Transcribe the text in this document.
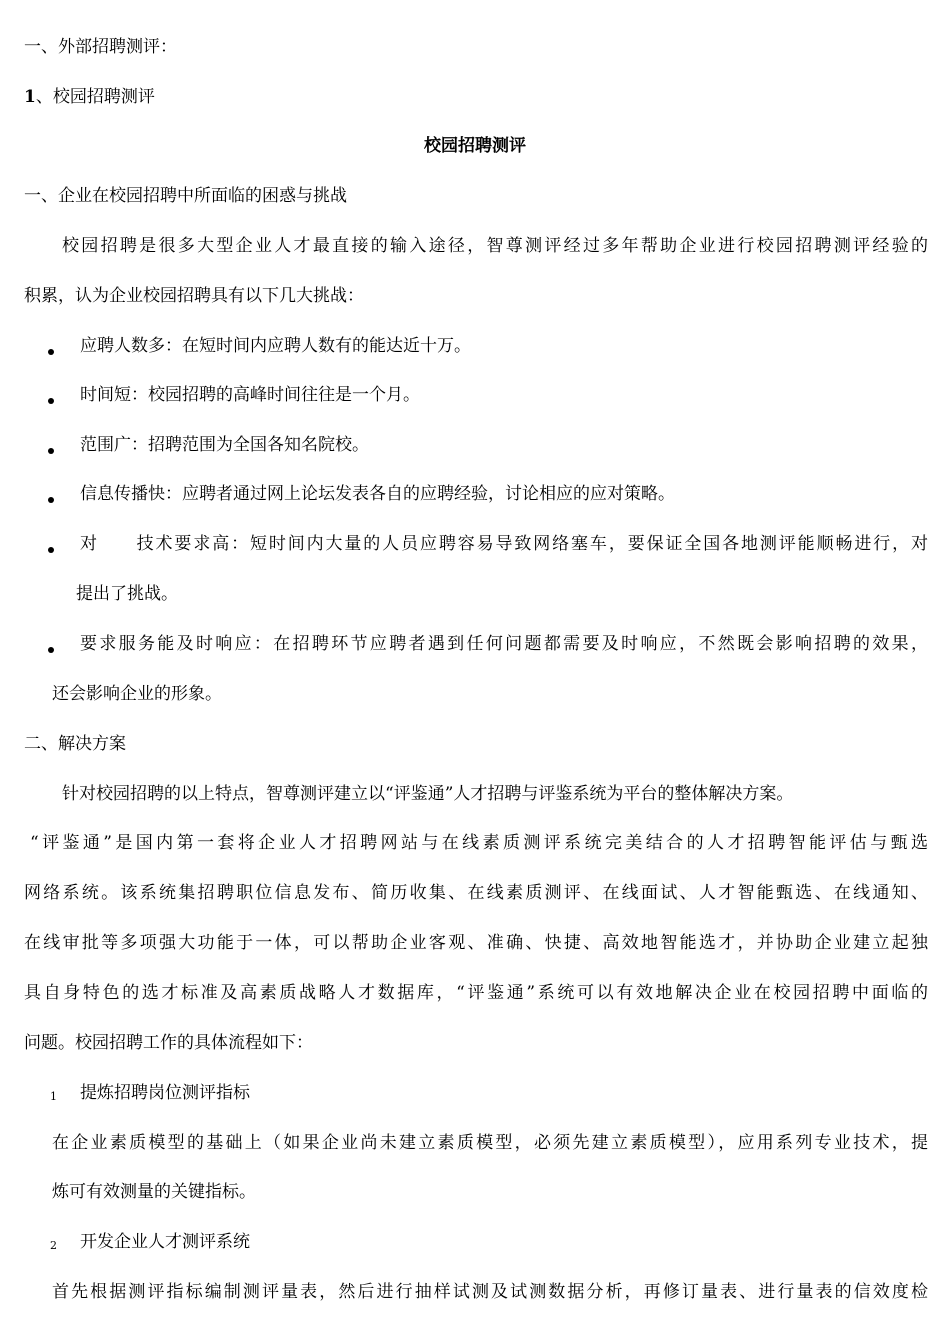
一、外部招聘测评：
1、校园招聘测评
校园招聘测评
一、企业在校园招聘中所面临的困惑与挑战
校园招聘是很多大型企业人才最直接的输入途径，智尊测评经过多年帮助企业进行校园招聘测评经验的
积累，认为企业校园招聘具有以下几大挑战：
应聘人数多：在短时间内应聘人数有的能达近十万。
时间短：校园招聘的高峰时间往往是一个月。
范围广：招聘范围为全国各知名院校。
信息传播快：应聘者通过网上论坛发表各自的应聘经验，讨论相应的应对策略。
对　　技术要求高：短时间内大量的人员应聘容易导致网络塞车，要保证全国各地测评能顺畅进行，对
提出了挑战。
要求服务能及时响应：在招聘环节应聘者遇到任何问题都需要及时响应，不然既会影响招聘的效果，
还会影响企业的形象。
二、解决方案
针对校园招聘的以上特点，智尊测评建立以“评鉴通”人才招聘与评鉴系统为平台的整体解决方案。
“评鉴通”是国内第一套将企业人才招聘网站与在线素质测评系统完美结合的人才招聘智能评估与甄选
网络系统。该系统集招聘职位信息发布、简历收集、在线素质测评、在线面试、人才智能甄选、在线通知、
在线审批等多项强大功能于一体，可以帮助企业客观、准确、快捷、高效地智能选才，并协助企业建立起独
具自身特色的选才标准及高素质战略人才数据库，“评鉴通”系统可以有效地解决企业在校园招聘中面临的
问题。校园招聘工作的具体流程如下：
1 提炼招聘岗位测评指标
在企业素质模型的基础上（如果企业尚未建立素质模型，必须先建立素质模型），应用系列专业技术，提
炼可有效测量的关键指标。
2 开发企业人才测评系统
首先根据测评指标编制测评量表，然后进行抽样试测及试测数据分析，再修订量表、进行量表的信效度检
